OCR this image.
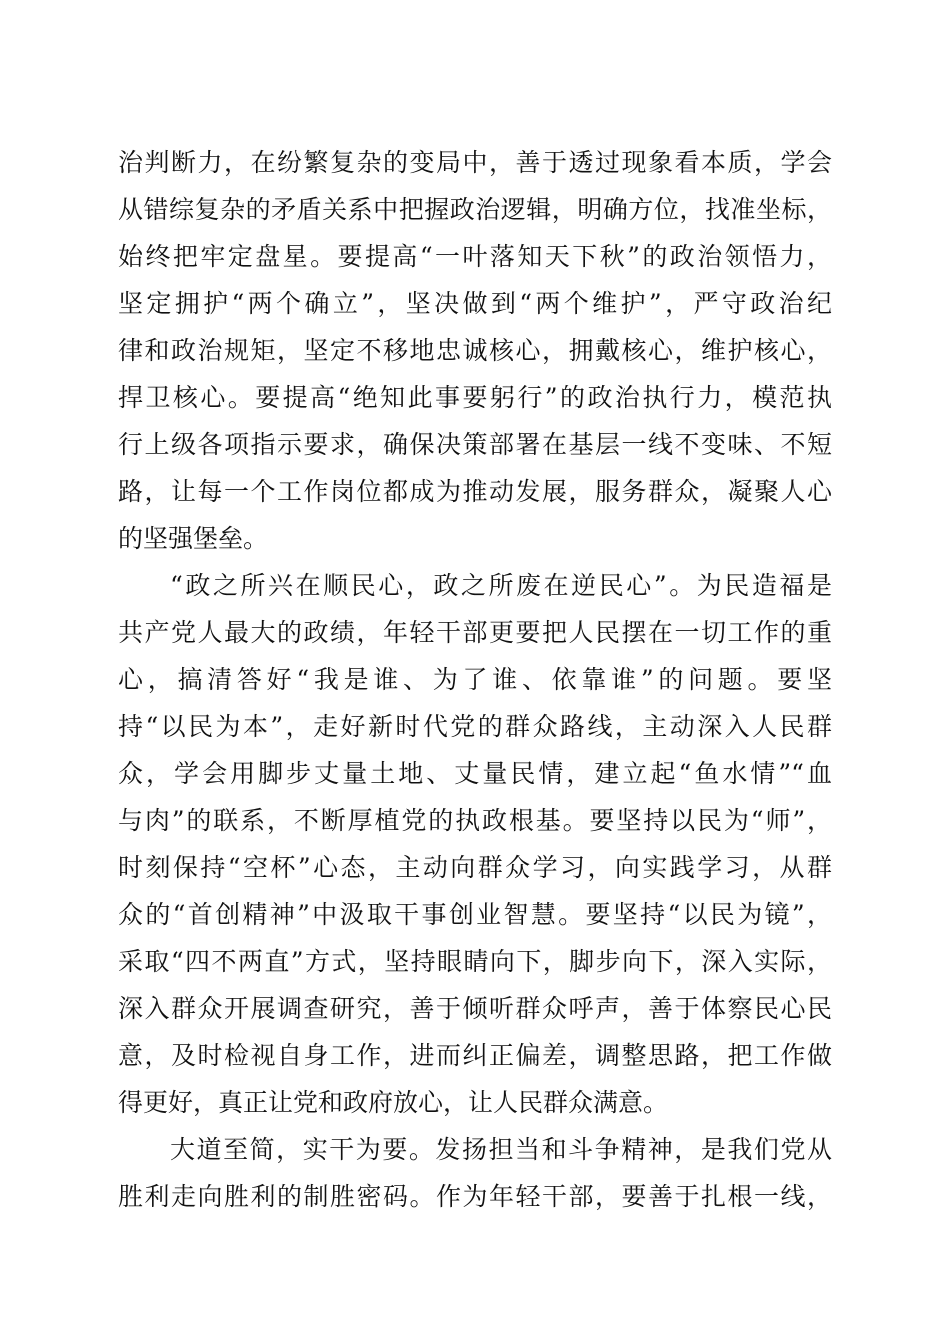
治判断力，在纷繁复杂的变局中，善于透过现象看本质，学会
从错综复杂的矛盾关系中把握政治逻辑，明确方位，找准坐标，
始终把牢定盘星。要提高“一叶落知天下秋”的政治领悟力，
坚定拥护“两个确立”，坚决做到“两个维护”，严守政治纪
律和政治规矩，坚定不移地忠诚核心，拥戴核心，维护核心，
捍卫核心。要提高“绝知此事要躬行”的政治执行力，模范执
行上级各项指示要求，确保决策部署在基层一线不变味、不短
路，让每一个工作岗位都成为推动发展，服务群众，凝聚人心
的坚强堡垒。
“政之所兴在顺民心，政之所废在逆民心”。为民造福是
共产党人最大的政绩，年轻干部更要把人民摆在一切工作的重
心，搞清答好“我是谁、为了谁、依靠谁”的问题。要坚
持“以民为本”，走好新时代党的群众路线，主动深入人民群
众，学会用脚步丈量土地、丈量民情，建立起“鱼水情”“血
与肉”的联系，不断厚植党的执政根基。要坚持以民为“师”，
时刻保持“空杯”心态，主动向群众学习，向实践学习，从群
众的“首创精神”中汲取干事创业智慧。要坚持“以民为镜”，
采取“四不两直”方式，坚持眼睛向下，脚步向下，深入实际，
深入群众开展调查研究，善于倾听群众呼声，善于体察民心民
意，及时检视自身工作，进而纠正偏差，调整思路，把工作做
得更好，真正让党和政府放心，让人民群众满意。
大道至简，实干为要。发扬担当和斗争精神，是我们党从
胜利走向胜利的制胜密码。作为年轻干部，要善于扎根一线，
